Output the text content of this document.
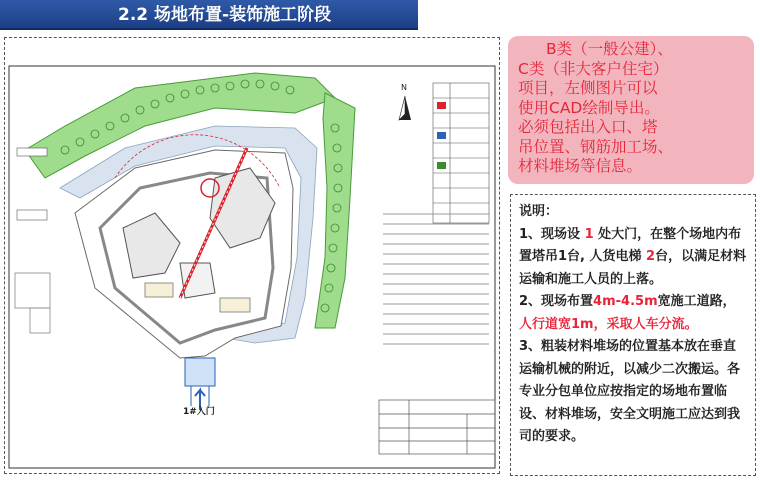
2.2 场地布置-装饰施工阶段
N
1#入门

B类（一般公建）、

C类（非大客户住宅）

项目，左侧图片可以

使用CAD绘制导出。

必须包括出入口、塔

吊位置、钢筋加工场、

材料堆场等信息。

说明：

1、现场设 1 处大门，在整个场地内布置塔吊1台, 人货电梯 2台，以满足材料运输和施工人员的上落。

2、现场布置4m-4.5m宽施工道路，人行道宽1m，采取人车分流。

3、粗装材料堆场的位置基本放在垂直运输机械的附近，以减少二次搬运。各专业分包单位应按指定的场地布置临设、材料堆场，安全文明施工应达到我司的要求。
